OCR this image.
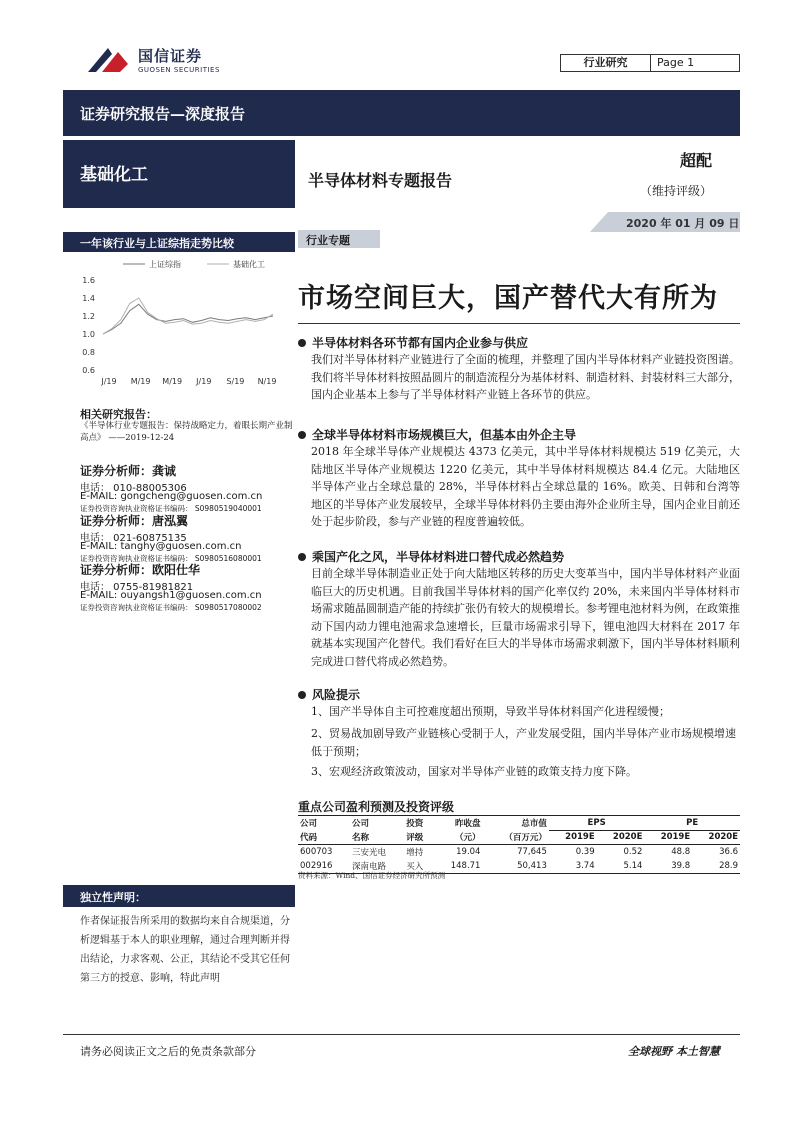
国信证券
GUOSEN SECURITIES
行业研究	Page 1
证券研究报告—深度报告
基础化工	半导体材料专题报告
超配
（维持评级）
2020 年 01 月 09 日
一年该行业与上证综指走势比较
上证综指	基础化工
1.6
1.4
1.2
1.0
0.8
0.6
J/19 M/19 M/19 J/19 S/19 N/19
相关研究报告：
《半导体行业专题报告：保持战略定力，着眼长期产业制高点》 ——2019-12-24
证券分析师：龚诚
电话： 010-88005306
E-MAIL: gongcheng@guosen.com.cn
证券投资咨询执业资格证书编码： S0980519040001
证券分析师：唐泓翼
电话： 021-60875135
E-MAIL: tanghy@guosen.com.cn
证券投资咨询执业资格证书编码： S0980516080001
证券分析师：欧阳仕华
电话： 0755-81981821
E-MAIL: ouyangsh1@guosen.com.cn
证券投资咨询执业资格证书编码： S0980517080002
独立性声明：
作者保证报告所采用的数据均来自合规渠道，分析逻辑基于本人的职业理解，通过合理判断并得出结论，力求客观、公正，其结论不受其它任何第三方的授意、影响，特此声明
行业专题
市场空间巨大，国产替代大有所为
半导体材料各环节都有国内企业参与供应
我们对半导体材料产业链进行了全面的梳理，并整理了国内半导体材料产业链投资图谱。我们将半导体材料按照晶圆片的制造流程分为基体材料、制造材料、封装材料三大部分，国内企业基本上参与了半导体材料产业链上各环节的供应。
全球半导体材料市场规模巨大，但基本由外企主导
2018 年全球半导体产业规模达 4373 亿美元，其中半导体材料规模达 519 亿美元，大陆地区半导体产业规模达 1220 亿美元，其中半导体材料规模达 84.4 亿元。大陆地区半导体产业占全球总量的 28%，半导体材料占全球总量的 16%。欧美、日韩和台湾等地区的半导体产业发展较早，全球半导体材料仍主要由海外企业所主导，国内企业目前还处于起步阶段，参与产业链的程度普遍较低。
乘国产化之风，半导体材料进口替代成必然趋势
目前全球半导体制造业正处于向大陆地区转移的历史大变革当中，国内半导体材料产业面临巨大的历史机遇。目前我国半导体材料的国产化率仅约 20%，未来国内半导体材料市场需求随晶圆制造产能的持续扩张仍有较大的规模增长。参考锂电池材料为例，在政策推动下国内动力锂电池需求急速增长，巨量市场需求引导下，锂电池四大材料在 2017 年就基本实现国产化替代。我们看好在巨大的半导体市场需求刺激下，国内半导体材料顺利完成进口替代将成必然趋势。
风险提示
1、国产半导体自主可控难度超出预期，导致半导体材料国产化进程缓慢；
2、贸易战加剧导致产业链核心受制于人，产业发展受阻，国内半导体产业市场规模增速低于预期；
3、宏观经济政策波动，国家对半导体产业链的政策支持力度下降。
重点公司盈利预测及投资评级
公司	公司	投资	昨收盘	总市值	EPS		PE	
代码	名称	评级	（元）	（百万元）	2019E	2020E	2019E	2020E
600703	三安光电	增持	19.04	77,645	0.39	0.52	48.8	36.6
002916	深南电路	买入	148.71	50,413	3.74	5.14	39.8	28.9
资料来源：Wind、国信证券经济研究所预测
请务必阅读正文之后的免责条款部分	全球视野 本土智慧
